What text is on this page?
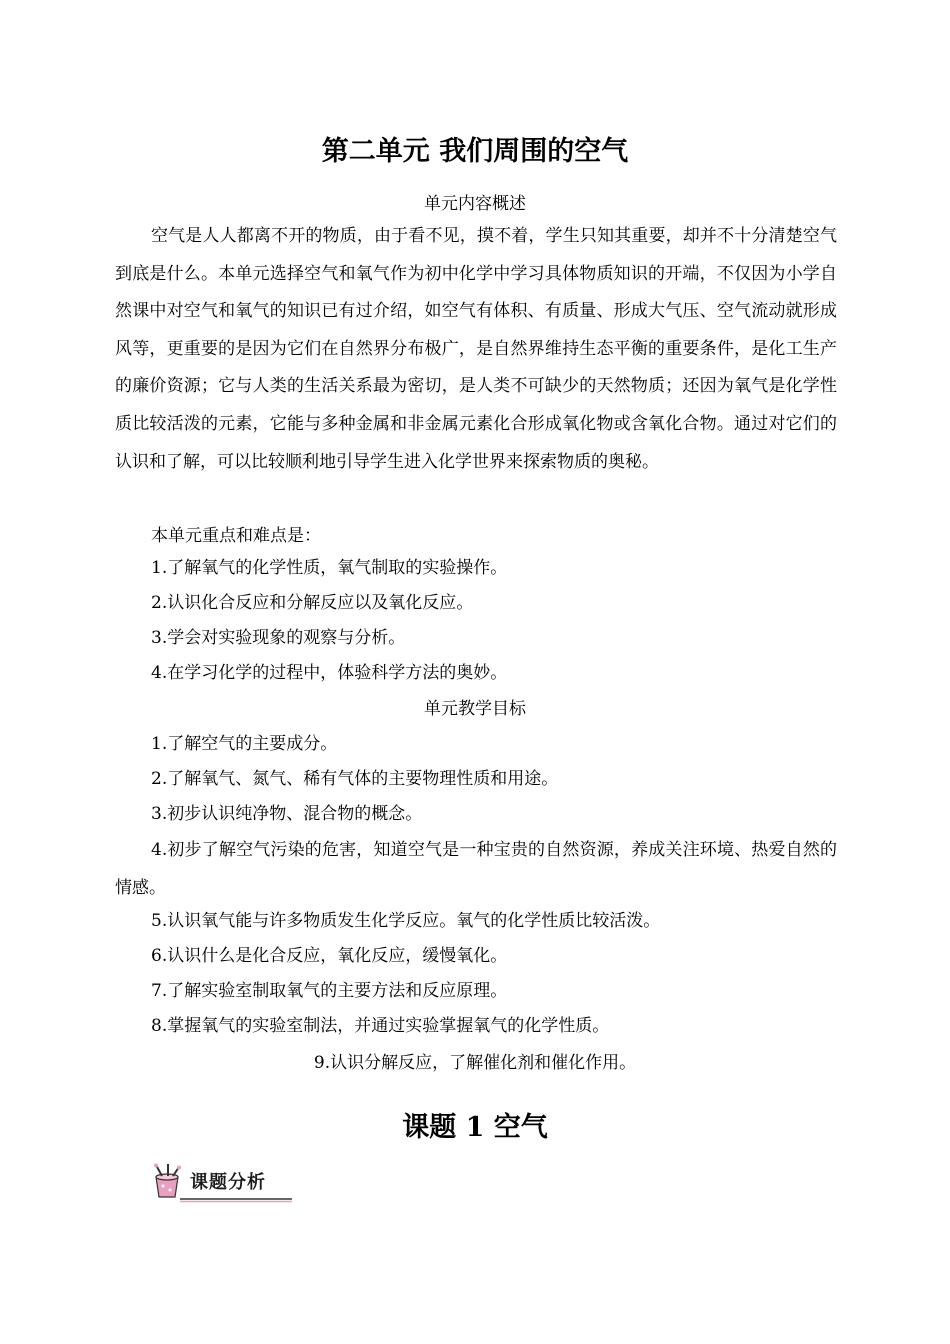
第二单元 我们周围的空气
单元内容概述

空气是人人都离不开的物质，由于看不见，摸不着，学生只知其重要，却并不十分清楚空气到底是什么。本单元选择空气和氧气作为初中化学中学习具体物质知识的开端，不仅因为小学自然课中对空气和氧气的知识已有过介绍，如空气有体积、有质量、形成大气压、空气流动就形成风等，更重要的是因为它们在自然界分布极广，是自然界维持生态平衡的重要条件，是化工生产的廉价资源；它与人类的生活关系最为密切，是人类不可缺少的天然物质；还因为氧气是化学性质比较活泼的元素，它能与多种金属和非金属元素化合形成氧化物或含氧化合物。通过对它们的认识和了解，可以比较顺利地引导学生进入化学世界来探索物质的奥秘。

本单元重点和难点是：
1.了解氧气的化学性质，氧气制取的实验操作。
2.认识化合反应和分解反应以及氧化反应。
3.学会对实验现象的观察与分析。
4.在学习化学的过程中，体验科学方法的奥妙。
单元教学目标
1.了解空气的主要成分。
2.了解氧气、氮气、稀有气体的主要物理性质和用途。
3.初步认识纯净物、混合物的概念。

4.初步了解空气污染的危害，知道空气是一种宝贵的自然资源，养成关注环境、热爱自然的情感。

5.认识氧气能与许多物质发生化学反应。氧气的化学性质比较活泼。
6.认识什么是化合反应，氧化反应，缓慢氧化。
7.了解实验室制取氧气的主要方法和反应原理。
8.掌握氧气的实验室制法，并通过实验掌握氧气的化学性质。
9.认识分解反应，了解催化剂和催化作用。
课题 1 空气
课题分析
